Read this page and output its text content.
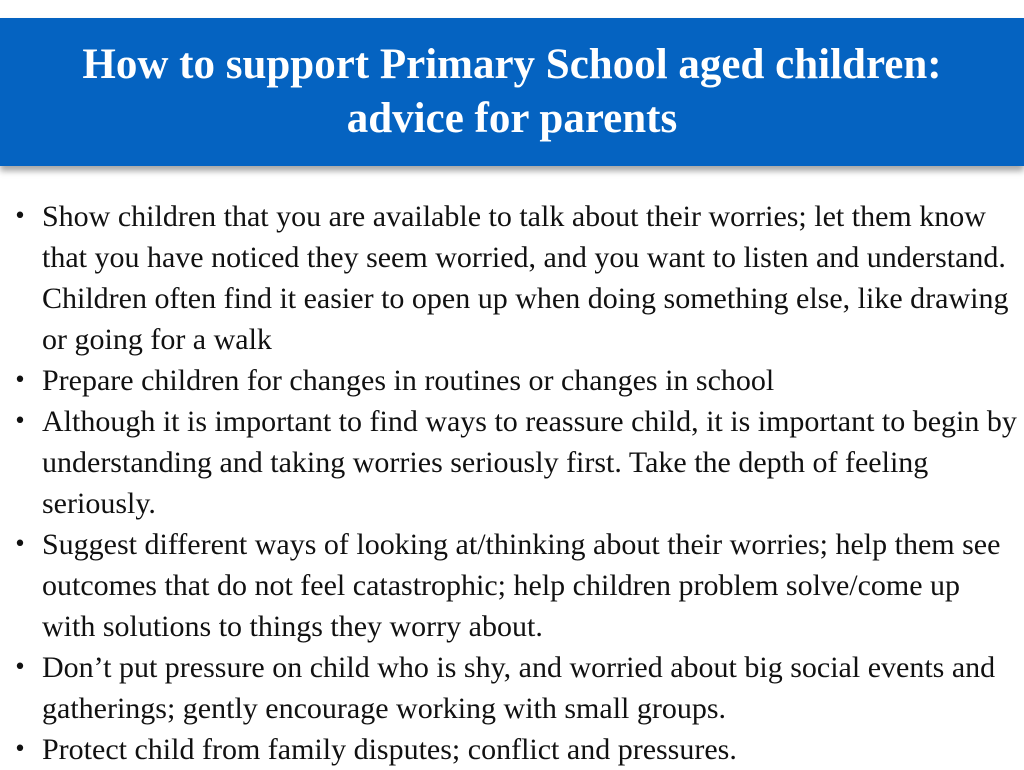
How to support Primary School aged children:
advice for parents
• Show children that you are available to talk about their worries; let them know that you have noticed they seem worried, and you want to listen and understand. Children often find it easier to open up when doing something else, like drawing or going for a walk
• Prepare children for changes in routines or changes in school
• Although it is important to find ways to reassure child, it is important to begin by understanding and taking worries seriously first. Take the depth of feeling seriously.
• Suggest different ways of looking at/thinking about their worries; help them see outcomes that do not feel catastrophic; help children problem solve/come up with solutions to things they worry about.
• Don’t put pressure on child who is shy, and worried about big social events and gatherings; gently encourage working with small groups.
• Protect child from family disputes; conflict and pressures.
